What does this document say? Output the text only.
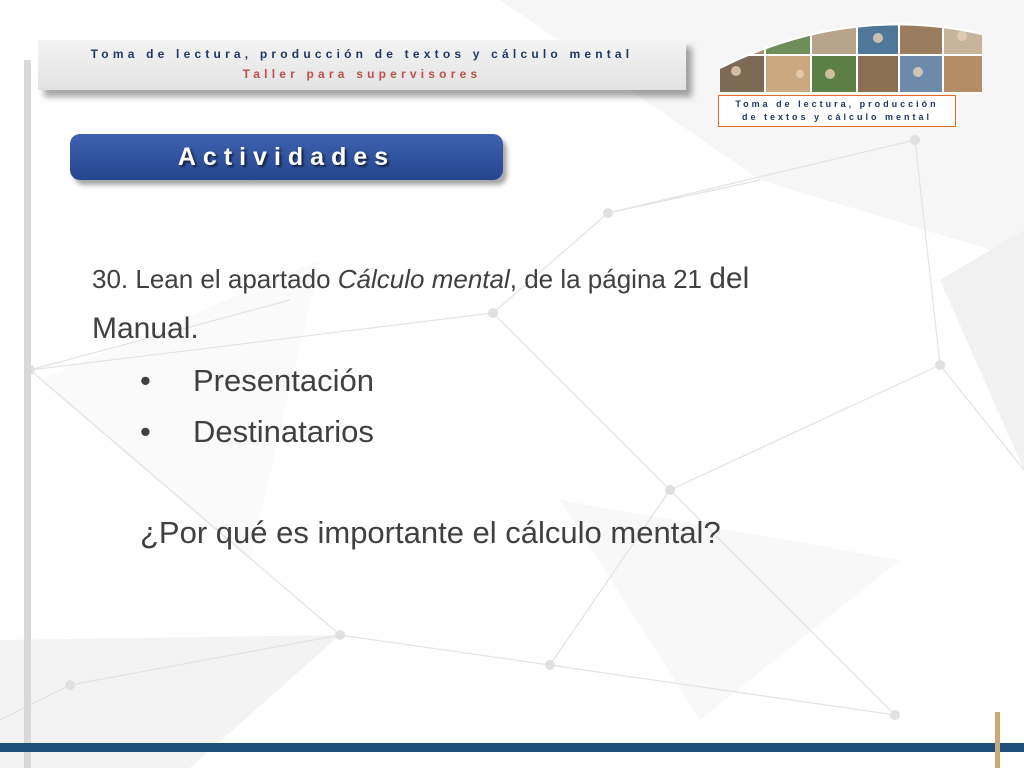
Toma de lectura, producción de textos y cálculo mental
Taller para supervisores
Toma de lectura, producción
de textos y cálculo mental
Actividades
30. Lean el apartado Cálculo mental, de la página 21 del
Manual.
• Presentación
• Destinatarios
¿Por qué es importante el cálculo mental?
